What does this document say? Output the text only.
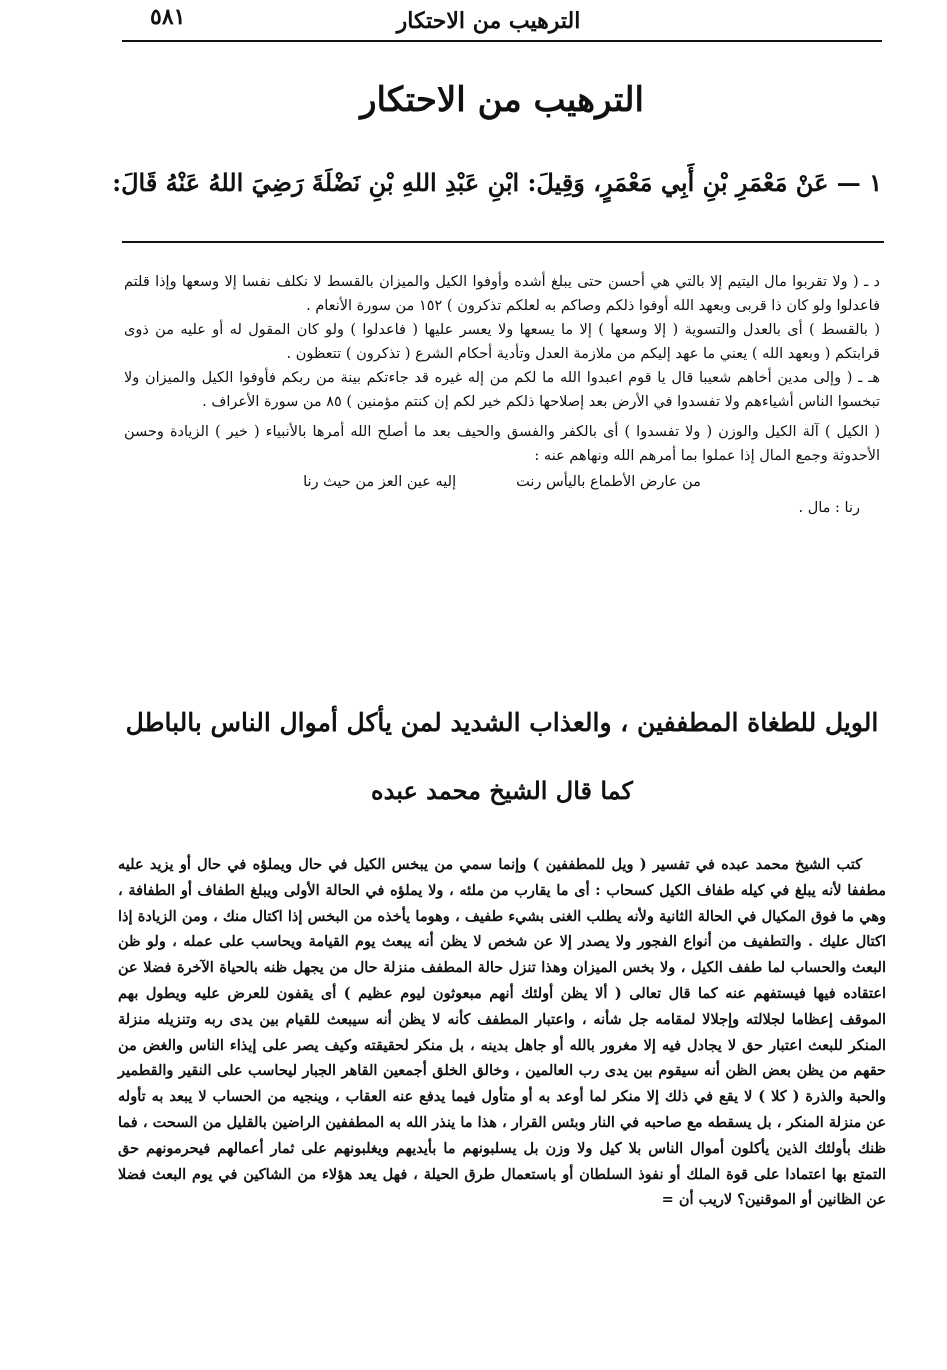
الترهيب من الاحتكار
٥٨١
الترهيب من الاحتكار
١ — عَنْ مَعْمَرِ بْنِ أَبِي مَعْمَرٍ، وَقِيلَ: ابْنِ عَبْدِ اللهِ بْنِ نَضْلَةَ رَضِيَ اللهُ عَنْهُ قَالَ:

د ـ ( ولا تقربوا مال اليتيم إلا بالتي هي أحسن حتى يبلغ أشده وأوفوا الكيل والميزان بالقسط لا نكلف نفسا إلا وسعها وإذا قلتم فاعدلوا ولو كان ذا قربى وبعهد الله أوفوا ذلكم وصاكم به لعلكم تذكرون ) ١٥٢ من سورة الأنعام .

( بالقسط ) أى بالعدل والتسوية ( إلا وسعها ) إلا ما يسعها ولا يعسر عليها ( فاعدلوا ) ولو كان المقول له أو عليه من ذوى قرابتكم ( وبعهد الله ) يعني ما عهد إليكم من ملازمة العدل وتأدية أحكام الشرع ( تذكرون ) تتعظون .

هـ ـ ( وإلى مدين أخاهم شعيبا قال يا قوم اعبدوا الله ما لكم من إله غيره قد جاءتكم بينة من ربكم فأوفوا الكيل والميزان ولا تبخسوا الناس أشياءهم ولا تفسدوا في الأرض بعد إصلاحها ذلكم خير لكم إن كنتم مؤمنين ) ٨٥ من سورة الأعراف .

( الكيل ) آلة الكيل والوزن ( ولا تفسدوا ) أى بالكفر والفسق والحيف بعد ما أصلح الله أمرها بالأنبياء ( خير ) الزيادة وحسن الأحدوثة وجمع المال إذا عملوا بما أمرهم الله ونهاهم عنه :

من عارض الأطماع باليأس رنت
إليه عين العز من حيث رنا

رنا : مال .

الويل للطغاة المطففين ، والعذاب الشديد لمن يأكل أموال الناس بالباطل
كما قال الشيخ محمد عبده

كتب الشيخ محمد عبده في تفسير ( ويل للمطففين ) وإنما سمي من يبخس الكيل في حال ويملؤه في حال أو يزيد عليه مطففا لأنه يبلغ في كيله طفاف الكيل كسحاب : أى ما يقارب من ملئه ، ولا يملؤه في الحالة الأولى ويبلغ الطفاف أو الطفافة ، وهي ما فوق المكيال في الحالة الثانية ولأنه يطلب الغنى بشيء طفيف ، وهوما يأخذه من البخس إذا اكتال منك ، ومن الزيادة إذا اكتال عليك . والتطفيف من أنواع الفجور ولا يصدر إلا عن شخص لا يظن أنه يبعث يوم القيامة ويحاسب على عمله ، ولو ظن البعث والحساب لما طفف الكيل ، ولا بخس الميزان وهذا تنزل حالة المطفف منزلة حال من يجهل ظنه بالحياة الآخرة فضلا عن اعتقاده فيها فيستفهم عنه كما قال تعالى ( ألا يظن أولئك أنهم مبعوثون ليوم عظيم ) أى يقفون للعرض عليه ويطول بهم الموقف إعظاما لجلالته وإجلالا لمقامه جل شأنه ، واعتبار المطفف كأنه لا يظن أنه سيبعث للقيام بين يدى ربه وتنزيله منزلة المنكر للبعث اعتبار حق لا يجادل فيه إلا مغرور بالله أو جاهل بدينه ، بل منكر لحقيقته وكيف يصر على إيذاء الناس والغض من حقهم من يظن بعض الظن أنه سيقوم بين يدى رب العالمين ، وخالق الخلق أجمعين القاهر الجبار ليحاسب على النقير والقطمير والحبة والذرة ( كلا ) لا يقع في ذلك إلا منكر لما أوعد به أو متأول فيما يدفع عنه العقاب ، وينجيه من الحساب لا يبعد به تأوله عن منزلة المنكر ، بل يسقطه مع صاحبه في النار وبئس القرار ، هذا ما ينذر الله به المطففين الراضين بالقليل من السحت ، فما ظنك بأولئك الذين يأكلون أموال الناس بلا كيل ولا وزن بل يسلبونهم ما بأيديهم ويغلبونهم على ثمار أعمالهم فيحرمونهم حق التمتع بها اعتمادا على قوة الملك أو نفوذ السلطان أو باستعمال طرق الحيلة ، فهل يعد هؤلاء من الشاكين في يوم البعث فضلا عن الظانين أو الموقنين؟ لاريب أن =
